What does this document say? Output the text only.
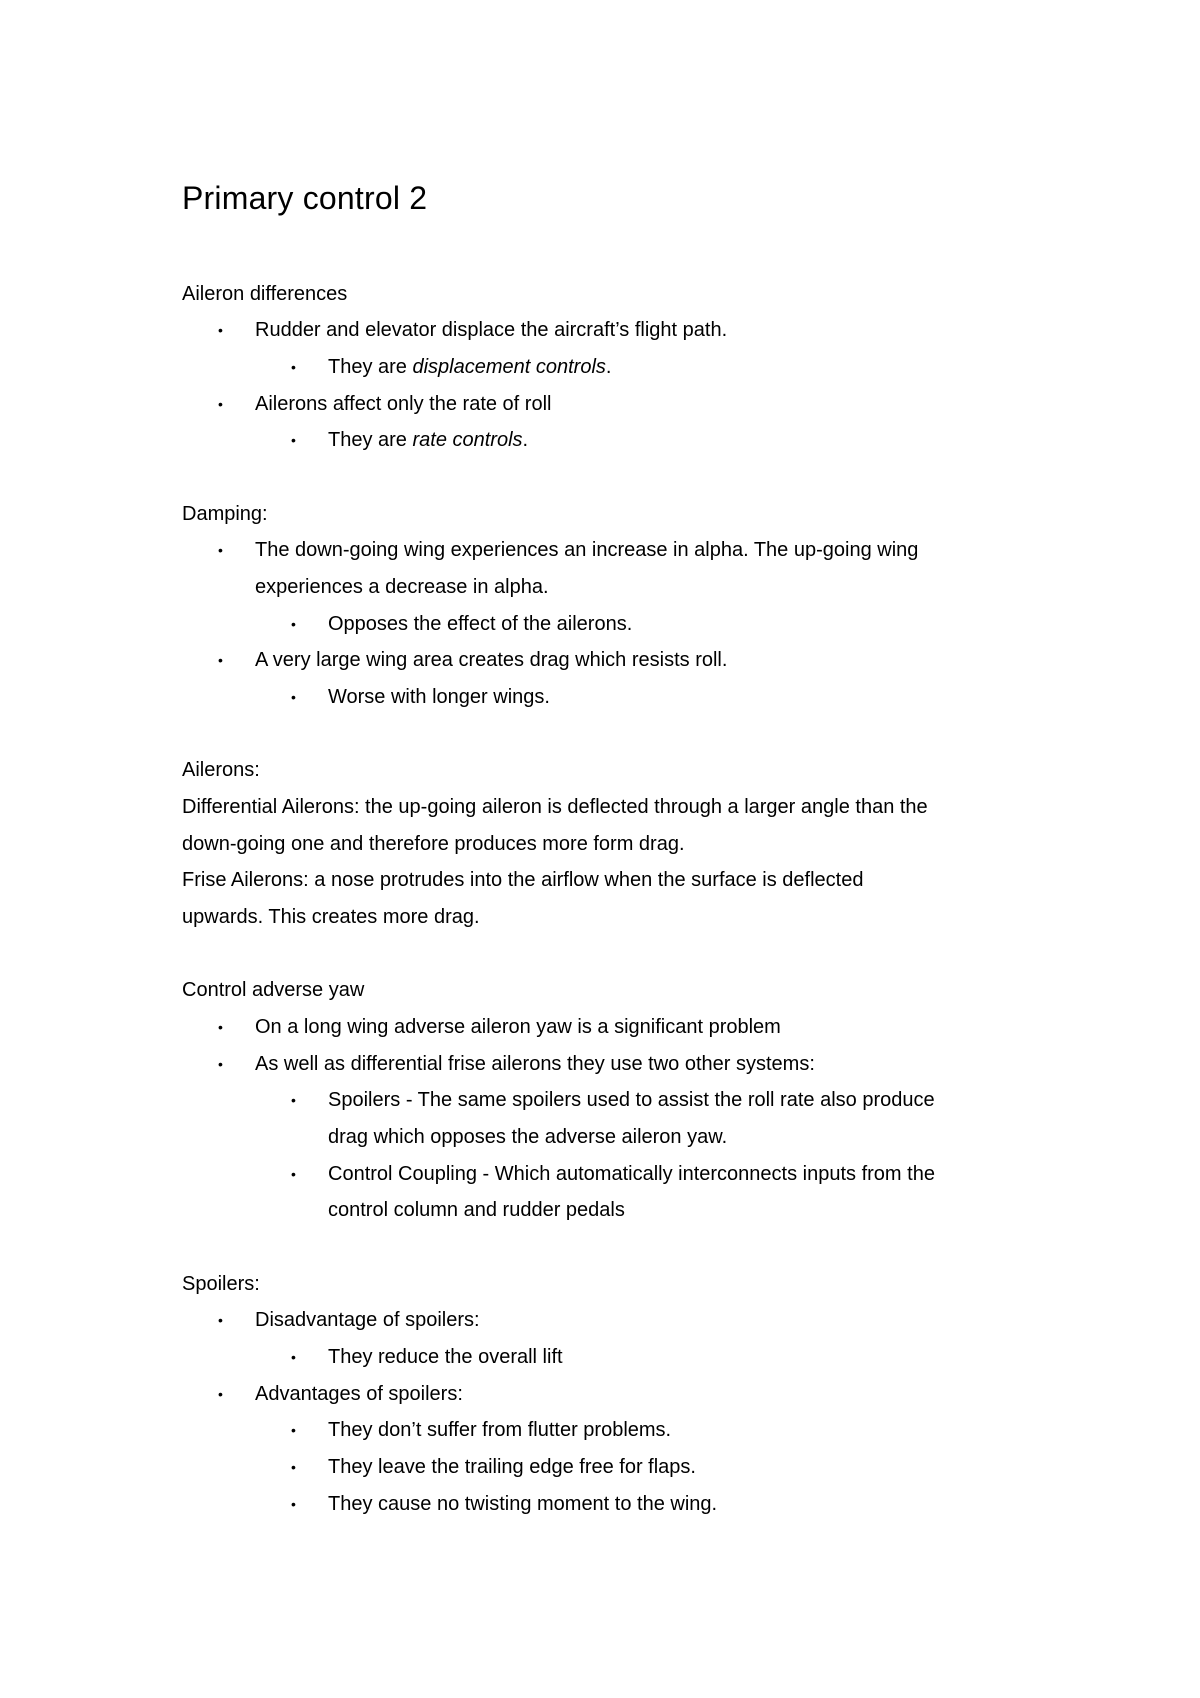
Primary control 2
Aileron differences
• Rudder and elevator displace the aircraft’s flight path.
• They are displacement controls.
• Ailerons affect only the rate of roll
• They are rate controls.
Damping:
• The down-going wing experiences an increase in alpha. The up-going wing
experiences a decrease in alpha.
• Opposes the effect of the ailerons.
• A very large wing area creates drag which resists roll.
• Worse with longer wings.
Ailerons:
Differential Ailerons: the up-going aileron is deflected through a larger angle than the
down-going one and therefore produces more form drag.
Frise Ailerons: a nose protrudes into the airflow when the surface is deflected
upwards. This creates more drag.
Control adverse yaw
• On a long wing adverse aileron yaw is a significant problem
• As well as differential frise ailerons they use two other systems:
• Spoilers - The same spoilers used to assist the roll rate also produce
drag which opposes the adverse aileron yaw.
• Control Coupling - Which automatically interconnects inputs from the
control column and rudder pedals
Spoilers:
• Disadvantage of spoilers:
• They reduce the overall lift
• Advantages of spoilers:
• They don’t suffer from flutter problems.
• They leave the trailing edge free for flaps.
• They cause no twisting moment to the wing.
